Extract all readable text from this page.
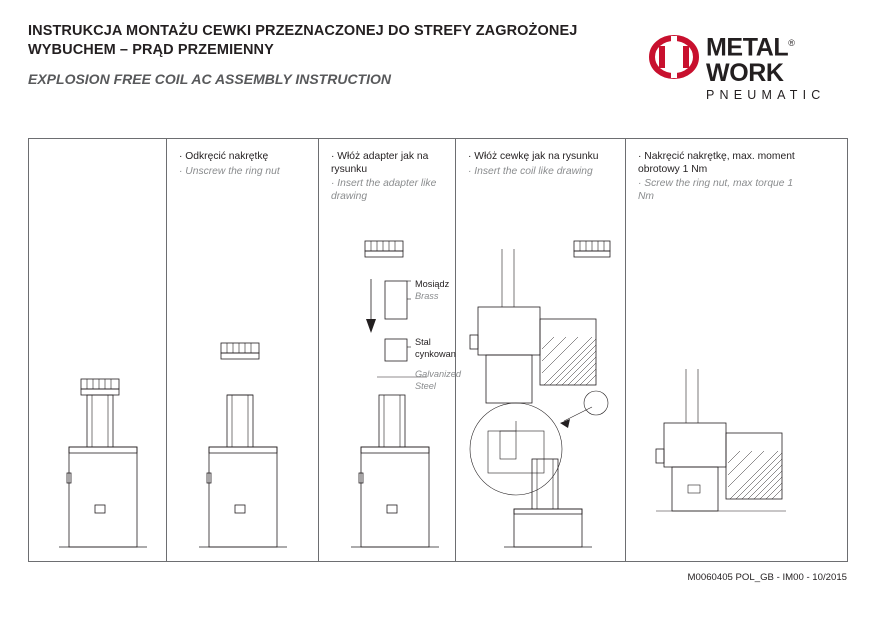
INSTRUKCJA MONTAŻU CEWKI PRZEZNACZONEJ DO STREFY ZAGROŻONEJ
WYBUCHEM – PRĄD PRZEMIENNY
EXPLOSION FREE COIL AC ASSEMBLY INSTRUCTION
METAL®
WORK
PNEUMATIC

· Odkręcić nakrętkę

· Unscrew the ring nut

· Włóż adapter jak na rysunku

· Insert the adapter like drawing

Mosiądz
Brass
Stal
cynkowan
Galvanized
Steel

· Włóż cewkę jak na rysunku

· Insert the coil like drawing

· Nakręcić nakrętkę, max. moment obrotowy 1 Nm

· Screw the ring nut, max torque 1 Nm

M0060405 POL_GB - IM00 - 10/2015
